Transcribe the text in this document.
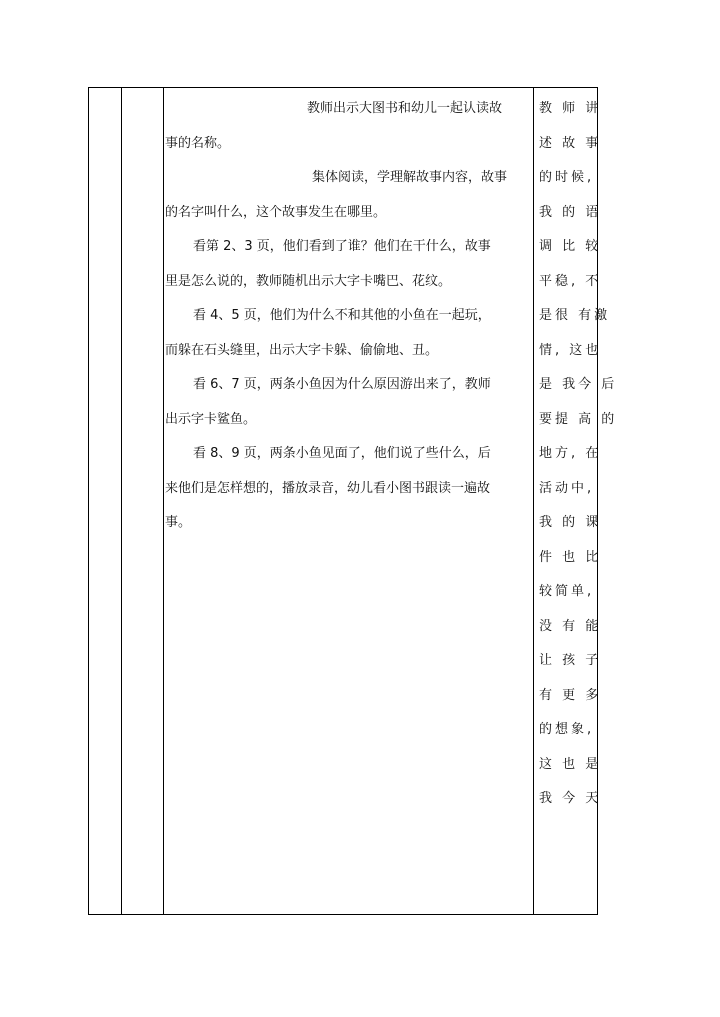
教师出示大图书和幼儿一起认读故
事的名称。

集体阅读，学理解故事内容，故事
的名字叫什么，这个故事发生在哪里。

看第 2、3 页，他们看到了谁？他们在干什么，故事
里是怎么说的，教师随机出示大字卡嘴巴、花纹。

看 4、5 页，他们为什么不和其他的小鱼在一起玩，
而躲在石头缝里，出示大字卡躲、偷偷地、丑。

看 6、7 页，两条小鱼因为什么原因游出来了，教师
出示字卡鲨鱼。

看 8、9 页，两条小鱼见面了，他们说了些什么，后
来他们是怎样想的，播放录音，幼儿看小图书跟读一遍故
事。

教 师 讲
述 故 事
的时候,
我 的 语
调 比 较
平稳, 不
是很 有激
情, 这也
是 我今 后
要提 高 的
地方, 在
活动中,
我 的 课
件 也 比
较简单,
没 有 能
让 孩 子
有 更 多
的想象,
这 也 是
我 今 天
